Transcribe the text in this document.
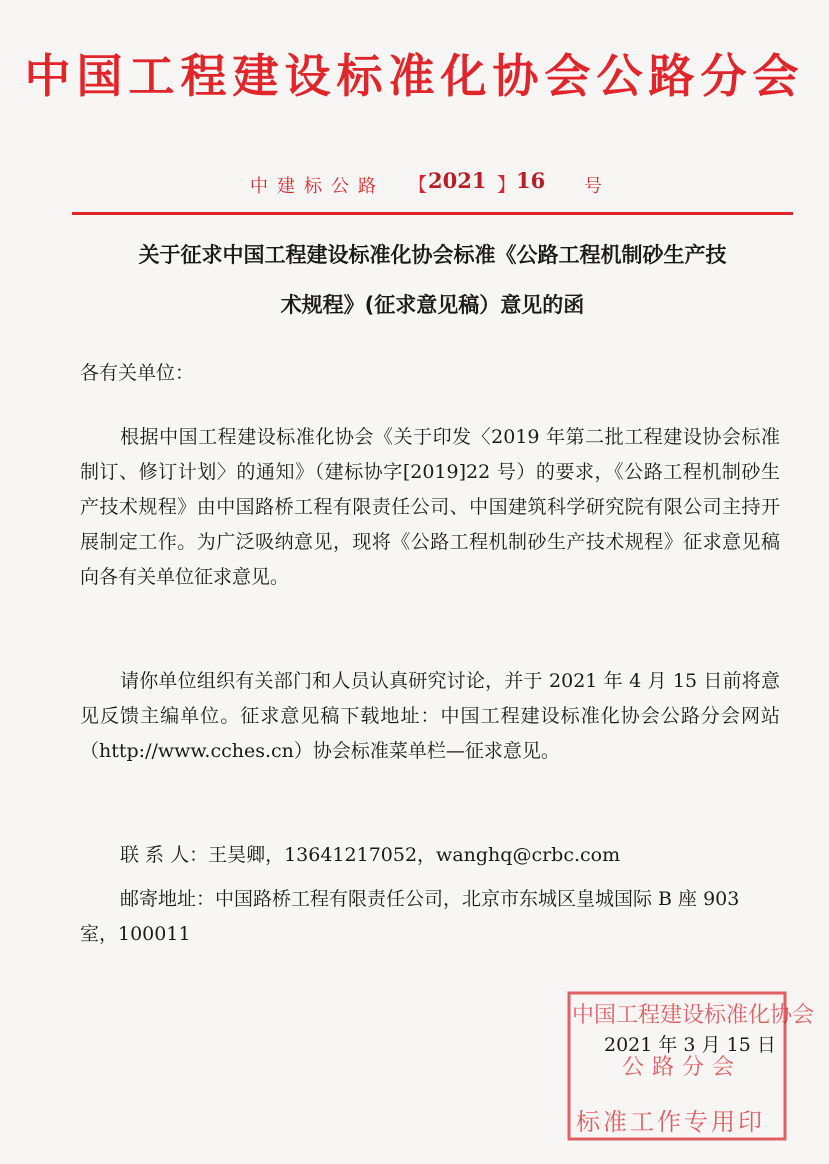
中国工程建设标准化协会公路分会
中建标公路 【 2021 】 16 号
关于征求中国工程建设标准化协会标准《公路工程机制砂生产技
术规程》(征求意见稿）意见的函
各有关单位：
根据中国工程建设标准化协会《关于印发〈2019 年第二批工程建设协会标准制订、修订计划〉的通知》（建标协字[2019]22 号）的要求，《公路工程机制砂生产技术规程》由中国路桥工程有限责任公司、中国建筑科学研究院有限公司主持开展制定工作。为广泛吸纳意见，现将《公路工程机制砂生产技术规程》征求意见稿向各有关单位征求意见。
请你单位组织有关部门和人员认真研究讨论，并于 2021 年 4 月 15 日前将意见反馈主编单位。征求意见稿下载地址：中国工程建设标准化协会公路分会网站（http://www.cches.cn）协会标准菜单栏—征求意见。
联 系 人：王昊卿，13641217052，wanghq@crbc.com
邮寄地址：中国路桥工程有限责任公司，北京市东城区皇城国际 B 座 903 室，100011
中国工程建设标准化协会
公路分会
标准工作专用印
2021 年 3 月 15 日
